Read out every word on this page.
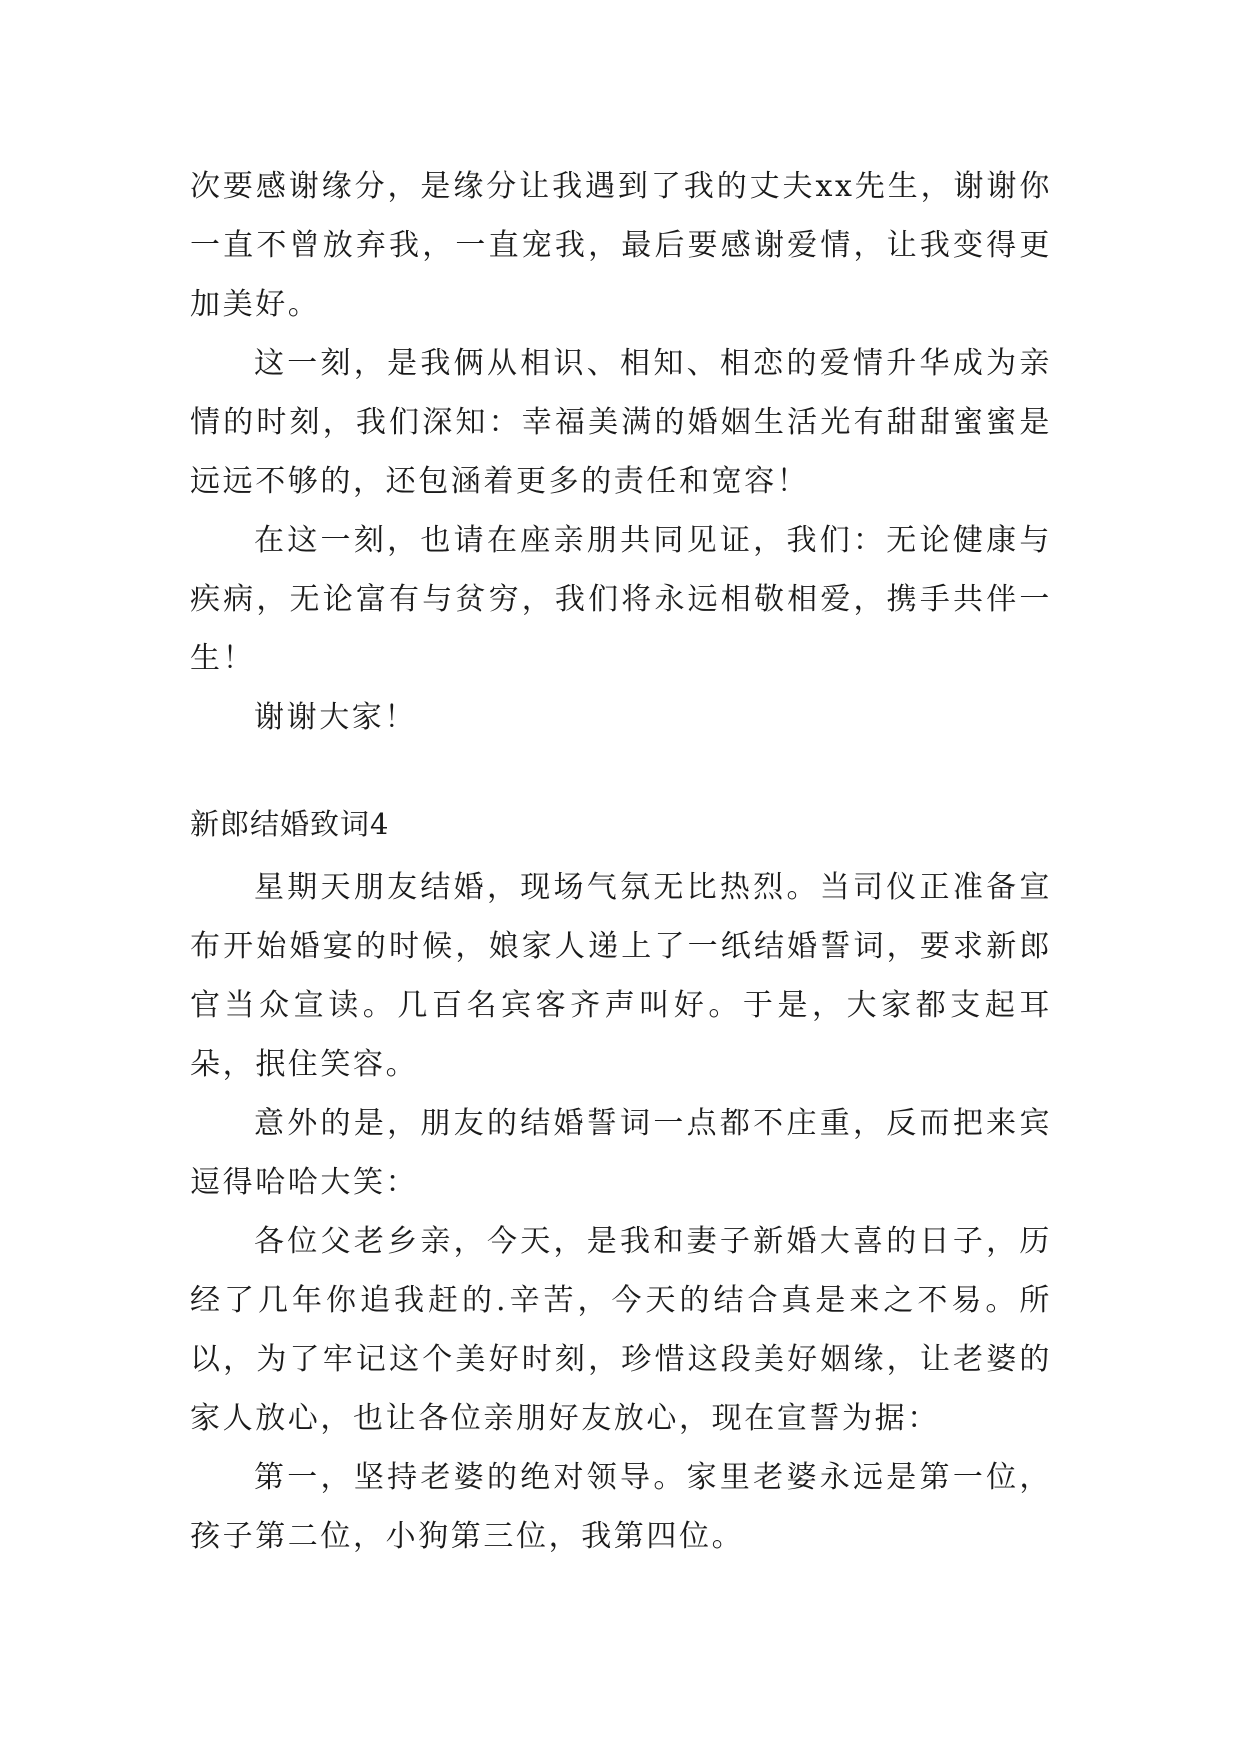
次要感谢缘分，是缘分让我遇到了我的丈夫xx先生，谢谢你一直不曾放弃我，一直宠我，最后要感谢爱情，让我变得更加美好。

这一刻，是我俩从相识、相知、相恋的爱情升华成为亲情的时刻，我们深知：幸福美满的婚姻生活光有甜甜蜜蜜是远远不够的，还包涵着更多的责任和宽容！

在这一刻，也请在座亲朋共同见证，我们：无论健康与疾病，无论富有与贫穷，我们将永远相敬相爱，携手共伴一生！

谢谢大家！

新郎结婚致词4

星期天朋友结婚，现场气氛无比热烈。当司仪正准备宣布开始婚宴的时候，娘家人递上了一纸结婚誓词，要求新郎官当众宣读。几百名宾客齐声叫好。于是，大家都支起耳朵，抿住笑容。

意外的是，朋友的结婚誓词一点都不庄重，反而把来宾逗得哈哈大笑：

各位父老乡亲，今天，是我和妻子新婚大喜的日子，历经了几年你追我赶的.辛苦，今天的结合真是来之不易。所以，为了牢记这个美好时刻，珍惜这段美好姻缘，让老婆的家人放心，也让各位亲朋好友放心，现在宣誓为据：

第一，坚持老婆的绝对领导。家里老婆永远是第一位，孩子第二位，小狗第三位，我第四位。
